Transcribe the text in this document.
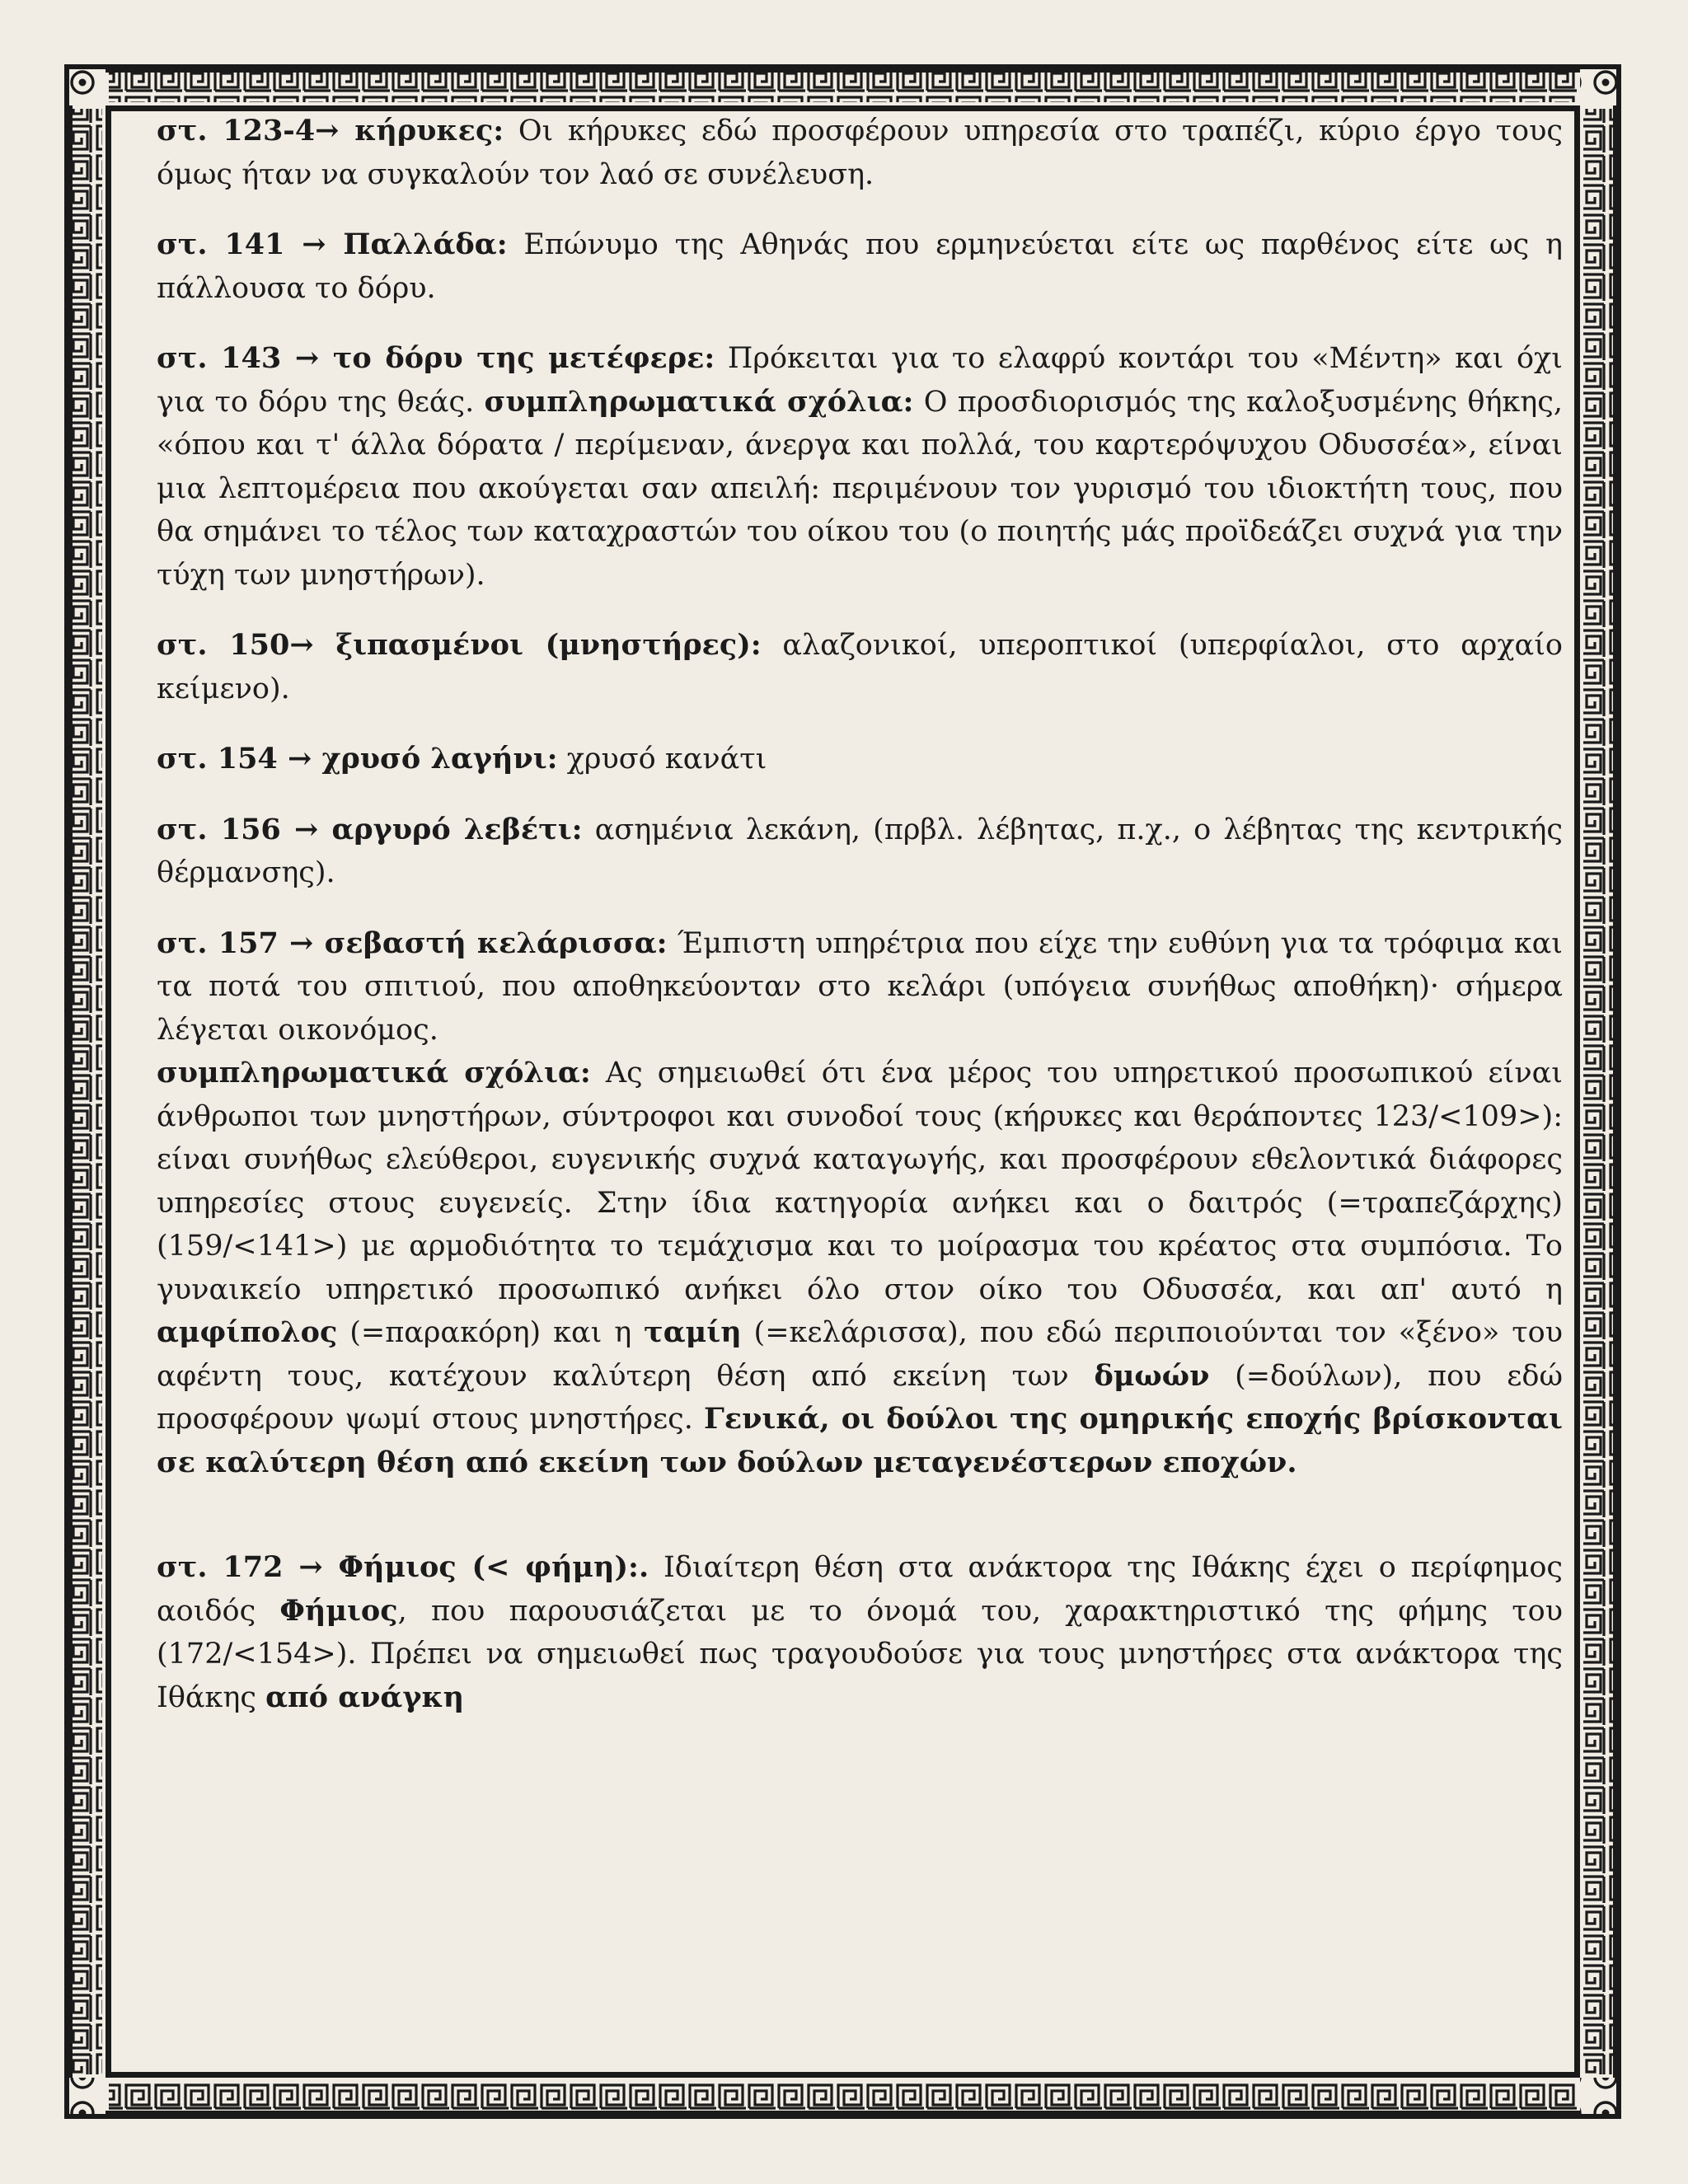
στ. 123-4→ κήρυκες: Οι κήρυκες εδώ προσφέρουν υπηρεσία στο τραπέζι, κύριο έργο τους όμως ήταν να συγκαλούν τον λαό σε συνέλευση.

στ. 141 → Παλλάδα: Επώνυμο της Αθηνάς που ερμηνεύεται είτε ως παρθένος είτε ως η πάλλουσα το δόρυ.

στ. 143 → το δόρυ της μετέφερε: Πρόκειται για το ελαφρύ κοντάρι του «Μέντη» και όχι για το δόρυ της θεάς. συμπληρωματικά σχόλια: Ο προσδιορισμός της καλοξυσμένης θήκης, «όπου και τ' άλλα δόρατα / περίμεναν, άνεργα και πολλά, του καρτερόψυχου Οδυσσέα», είναι μια λεπτομέρεια που ακούγεται σαν απειλή: περιμένουν τον γυρισμό του ιδιοκτήτη τους, που θα σημάνει το τέλος των καταχραστών του οίκου του (ο ποιητής μάς προϊδεάζει συχνά για την τύχη των μνηστήρων).

στ. 150→ ξιπασμένοι (μνηστήρες): αλαζονικοί, υπεροπτικοί (υπερφίαλοι, στο αρχαίο κείμενο).

στ. 154 → χρυσό λαγήνι: χρυσό κανάτι

στ. 156 → αργυρό λεβέτι: ασημένια λεκάνη, (πρβλ. λέβητας, π.χ., ο λέβητας της κεντρικής θέρμανσης).

στ. 157 → σεβαστή κελάρισσα: Έμπιστη υπηρέτρια που είχε την ευθύνη για τα τρόφιμα και τα ποτά του σπιτιού, που αποθηκεύονταν στο κελάρι (υπόγεια συνήθως αποθήκη)· σήμερα λέγεται οικονόμος.

συμπληρωματικά σχόλια: Ας σημειωθεί ότι ένα μέρος του υπηρετικού προσωπικού είναι άνθρωποι των μνηστήρων, σύντροφοι και συνοδοί τους (κήρυκες και θεράποντες 123/<109>): είναι συνήθως ελεύθεροι, ευγενικής συχνά καταγωγής, και προσφέρουν εθελοντικά διάφορες υπηρεσίες στους ευγενείς. Στην ίδια κατηγορία ανήκει και ο δαιτρός (=τραπεζάρχης) (159/<141>) με αρμοδιότητα το τεμάχισμα και το μοίρασμα του κρέατος στα συμπόσια. Το γυναικείο υπηρετικό προσωπικό ανήκει όλο στον οίκο του Οδυσσέα, και απ' αυτό η αμφίπολος (=παρακόρη) και η ταμίη (=κελάρισσα), που εδώ περιποιούνται τον «ξένο» του αφέντη τους, κατέχουν καλύτερη θέση από εκείνη των δμωών (=δούλων), που εδώ προσφέρουν ψωμί στους μνηστήρες. Γενικά, οι δούλοι της ομηρικής εποχής βρίσκονται σε καλύτερη θέση από εκείνη των δούλων μεταγενέστερων εποχών.

στ. 172 → Φήμιος (< φήμη):. Ιδιαίτερη θέση στα ανάκτορα της Ιθάκης έχει ο περίφημος αοιδός Φήμιος, που παρουσιάζεται με το όνομά του, χαρακτηριστικό της φήμης του (172/<154>). Πρέπει να σημειωθεί πως τραγουδούσε για τους μνηστήρες στα ανάκτορα της Ιθάκης από ανάγκη
